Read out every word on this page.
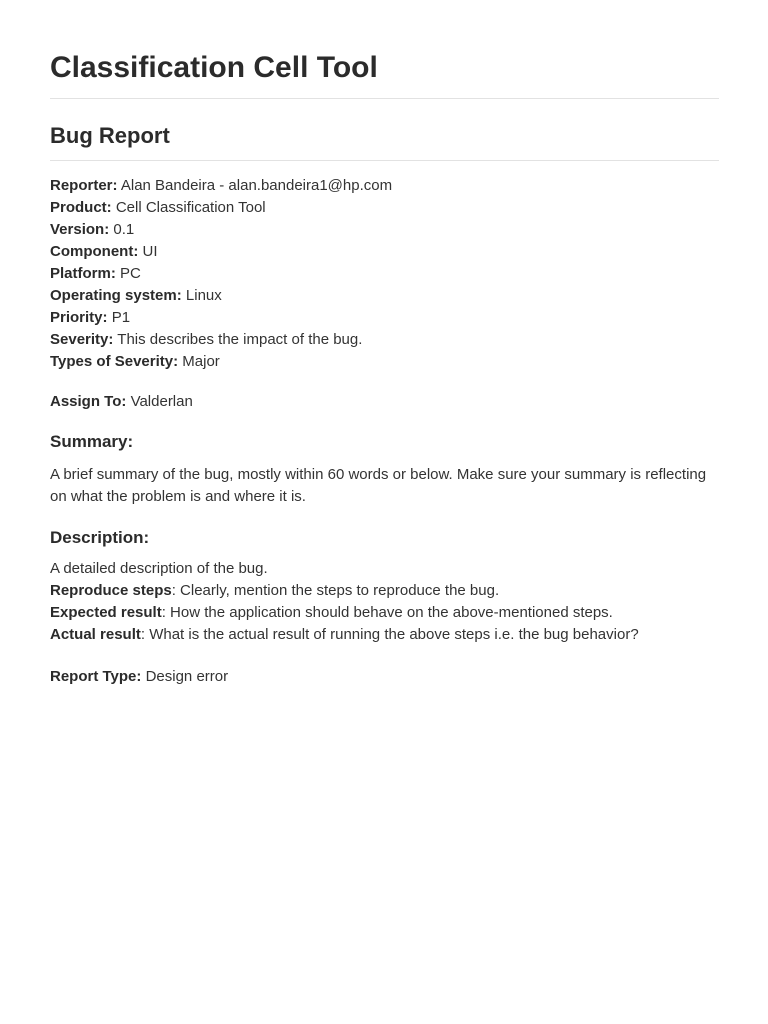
Classification Cell Tool
Bug Report
Reporter: Alan Bandeira - alan.bandeira1@hp.com
Product: Cell Classification Tool
Version: 0.1
Component: UI
Platform: PC
Operating system: Linux
Priority: P1
Severity: This describes the impact of the bug.
Types of Severity: Major
Assign To: Valderlan
Summary:

A brief summary of the bug, mostly within 60 words or below. Make sure your summary is reflecting on what the problem is and where it is.

Description:
A detailed description of the bug.
Reproduce steps: Clearly, mention the steps to reproduce the bug.
Expected result: How the application should behave on the above-mentioned steps.
Actual result: What is the actual result of running the above steps i.e. the bug behavior?
Report Type: Design error
